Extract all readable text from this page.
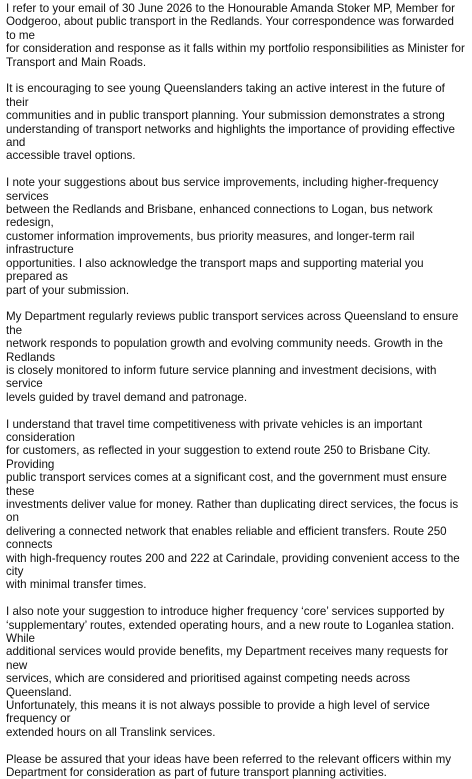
I refer to your email of 30 June 2026 to the Honourable Amanda Stoker MP, Member for
Oodgeroo, about public transport in the Redlands. Your correspondence was forwarded to me
for consideration and response as it falls within my portfolio responsibilities as Minister for
Transport and Main Roads.

It is encouraging to see young Queenslanders taking an active interest in the future of their
communities and in public transport planning. Your submission demonstrates a strong
understanding of transport networks and highlights the importance of providing effective and
accessible travel options.

I note your suggestions about bus service improvements, including higher-frequency services
between the Redlands and Brisbane, enhanced connections to Logan, bus network redesign,
customer information improvements, bus priority measures, and longer-term rail infrastructure
opportunities. I also acknowledge the transport maps and supporting material you prepared as
part of your submission.

My Department regularly reviews public transport services across Queensland to ensure the
network responds to population growth and evolving community needs. Growth in the Redlands
is closely monitored to inform future service planning and investment decisions, with service
levels guided by travel demand and patronage.

I understand that travel time competitiveness with private vehicles is an important consideration
for customers, as reflected in your suggestion to extend route 250 to Brisbane City. Providing
public transport services comes at a significant cost, and the government must ensure these
investments deliver value for money. Rather than duplicating direct services, the focus is on
delivering a connected network that enables reliable and efficient transfers. Route 250 connects
with high-frequency routes 200 and 222 at Carindale, providing convenient access to the city
with minimal transfer times.

I also note your suggestion to introduce higher frequency ‘core’ services supported by
‘supplementary’ routes, extended operating hours, and a new route to Loganlea station. While
additional services would provide benefits, my Department receives many requests for new
services, which are considered and prioritised against competing needs across Queensland.
Unfortunately, this means it is not always possible to provide a high level of service frequency or
extended hours on all Translink services.

Please be assured that your ideas have been referred to the relevant officers within my
Department for consideration as part of future transport planning activities.
